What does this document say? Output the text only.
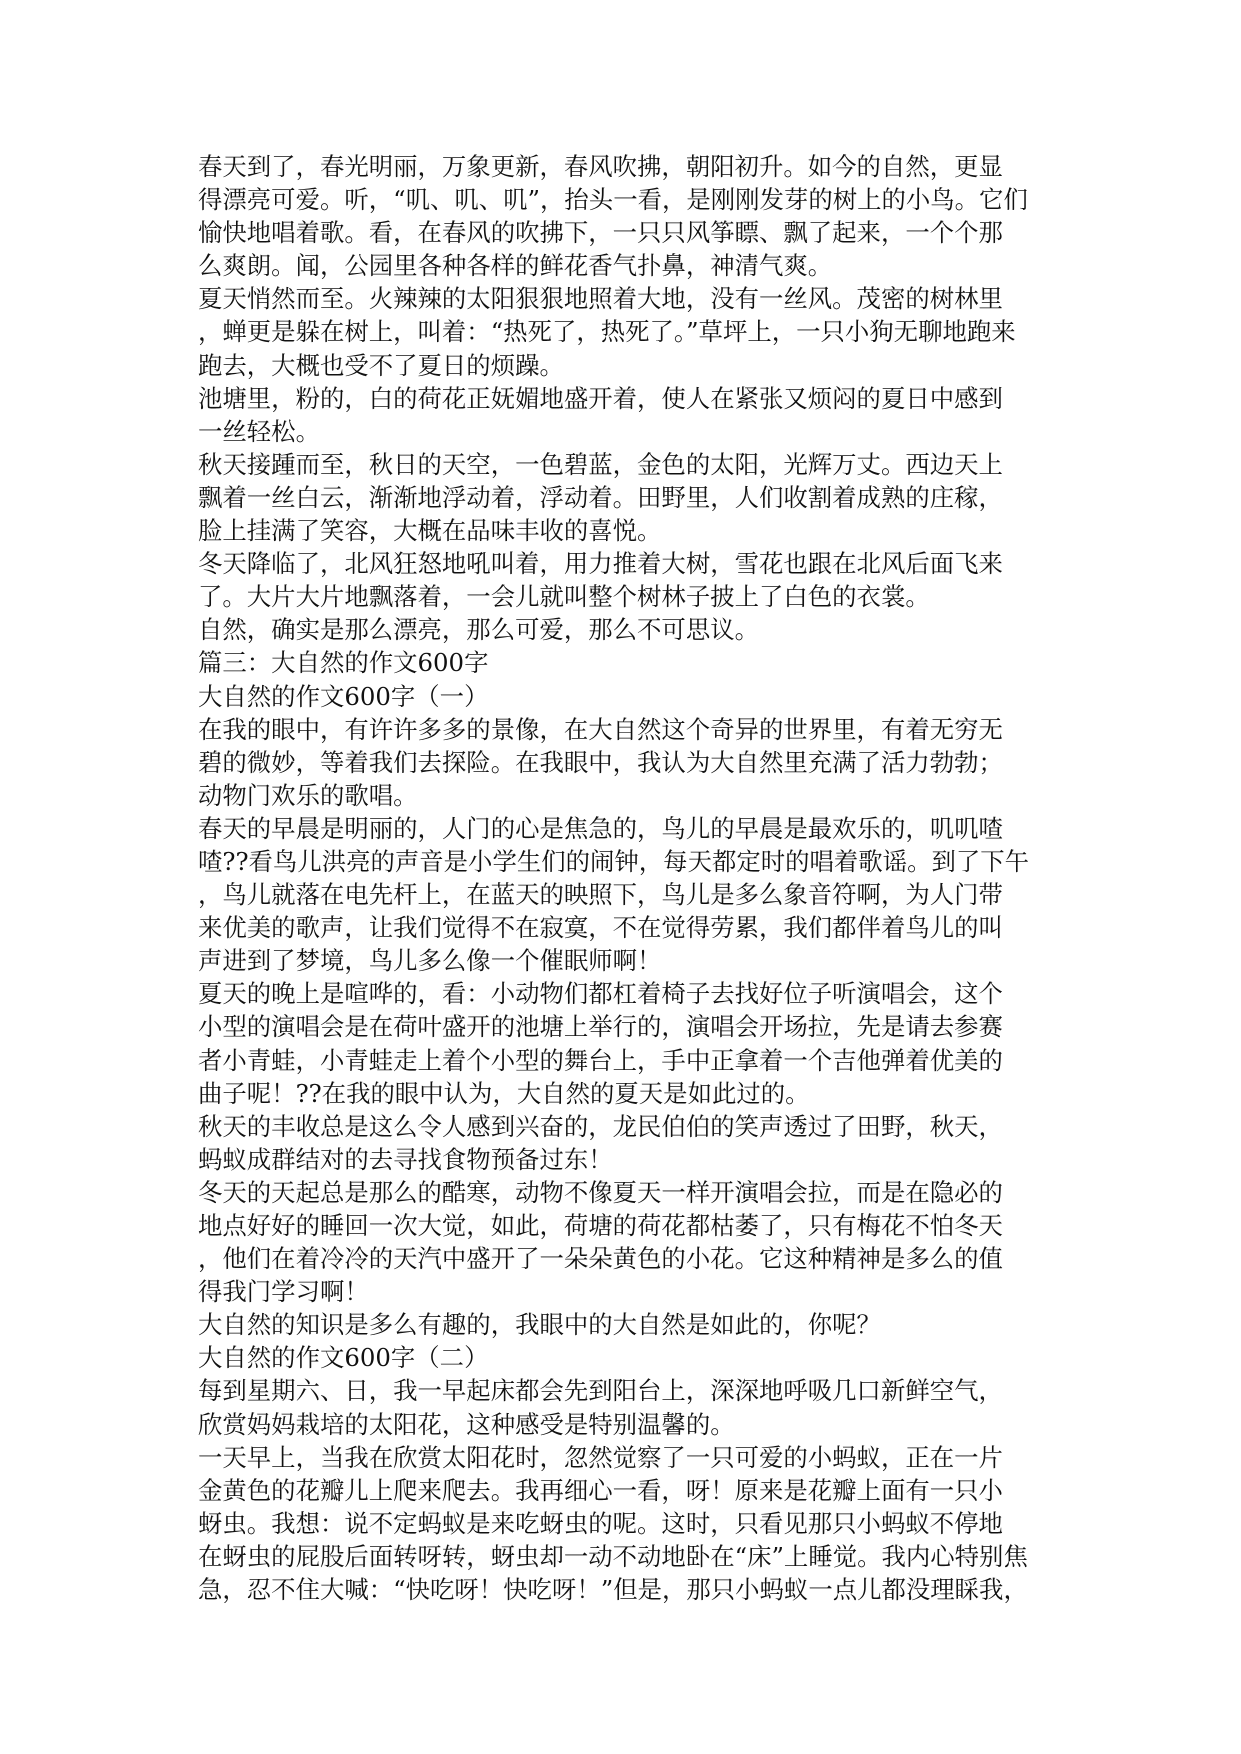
春天到了，春光明丽，万象更新，春风吹拂，朝阳初升。如今的自然，更显
得漂亮可爱。听，“叽、叽、叽”，抬头一看，是刚刚发芽的树上的小鸟。它们
愉快地唱着歌。看，在春风的吹拂下，一只只风筝瞟、飘了起来，一个个那
么爽朗。闻，公园里各种各样的鲜花香气扑鼻，神清气爽。
夏天悄然而至。火辣辣的太阳狠狠地照着大地，没有一丝风。茂密的树林里
，蝉更是躲在树上，叫着：“热死了，热死了。”草坪上，一只小狗无聊地跑来
跑去，大概也受不了夏日的烦躁。
池塘里，粉的，白的荷花正妩媚地盛开着，使人在紧张又烦闷的夏日中感到
一丝轻松。
秋天接踵而至，秋日的天空，一色碧蓝，金色的太阳，光辉万丈。西边天上
飘着一丝白云，渐渐地浮动着，浮动着。田野里，人们收割着成熟的庄稼，
脸上挂满了笑容，大概在品味丰收的喜悦。
冬天降临了，北风狂怒地吼叫着，用力推着大树，雪花也跟在北风后面飞来
了。大片大片地飘落着，一会儿就叫整个树林子披上了白色的衣裳。
自然，确实是那么漂亮，那么可爱，那么不可思议。
篇三：大自然的作文600字
大自然的作文600字（一）
在我的眼中，有许许多多的景像，在大自然这个奇异的世界里，有着无穷无
碧的微妙，等着我们去探险。在我眼中，我认为大自然里充满了活力勃勃；
动物门欢乐的歌唱。
春天的早晨是明丽的，人门的心是焦急的，鸟儿的早晨是最欢乐的，叽叽喳
喳??看鸟儿洪亮的声音是小学生们的闹钟，每天都定时的唱着歌谣。到了下午
，鸟儿就落在电先杆上，在蓝天的映照下，鸟儿是多么象音符啊，为人门带
来优美的歌声，让我们觉得不在寂寞，不在觉得劳累，我们都伴着鸟儿的叫
声进到了梦境，鸟儿多么像一个催眠师啊！
夏天的晚上是喧哗的，看：小动物们都杠着椅子去找好位子听演唱会，这个
小型的演唱会是在荷叶盛开的池塘上举行的，演唱会开场拉，先是请去参赛
者小青蛙，小青蛙走上着个小型的舞台上，手中正拿着一个吉他弹着优美的
曲子呢！??在我的眼中认为，大自然的夏天是如此过的。
秋天的丰收总是这么令人感到兴奋的，龙民伯伯的笑声透过了田野，秋天，
蚂蚁成群结对的去寻找食物预备过东！
冬天的天起总是那么的酷寒，动物不像夏天一样开演唱会拉，而是在隐必的
地点好好的睡回一次大觉，如此，荷塘的荷花都枯萎了，只有梅花不怕冬天
，他们在着冷冷的天汽中盛开了一朵朵黄色的小花。它这种精神是多么的值
得我门学习啊！
大自然的知识是多么有趣的，我眼中的大自然是如此的，你呢？
大自然的作文600字（二）
每到星期六、日，我一早起床都会先到阳台上，深深地呼吸几口新鲜空气，
欣赏妈妈栽培的太阳花，这种感受是特别温馨的。
一天早上，当我在欣赏太阳花时，忽然觉察了一只可爱的小蚂蚁，正在一片
金黄色的花瓣儿上爬来爬去。我再细心一看，呀！原来是花瓣上面有一只小
蚜虫。我想：说不定蚂蚁是来吃蚜虫的呢。这时，只看见那只小蚂蚁不停地
在蚜虫的屁股后面转呀转，蚜虫却一动不动地卧在“床”上睡觉。我内心特别焦
急，忍不住大喊：“快吃呀！快吃呀！”但是，那只小蚂蚁一点儿都没理睬我，
